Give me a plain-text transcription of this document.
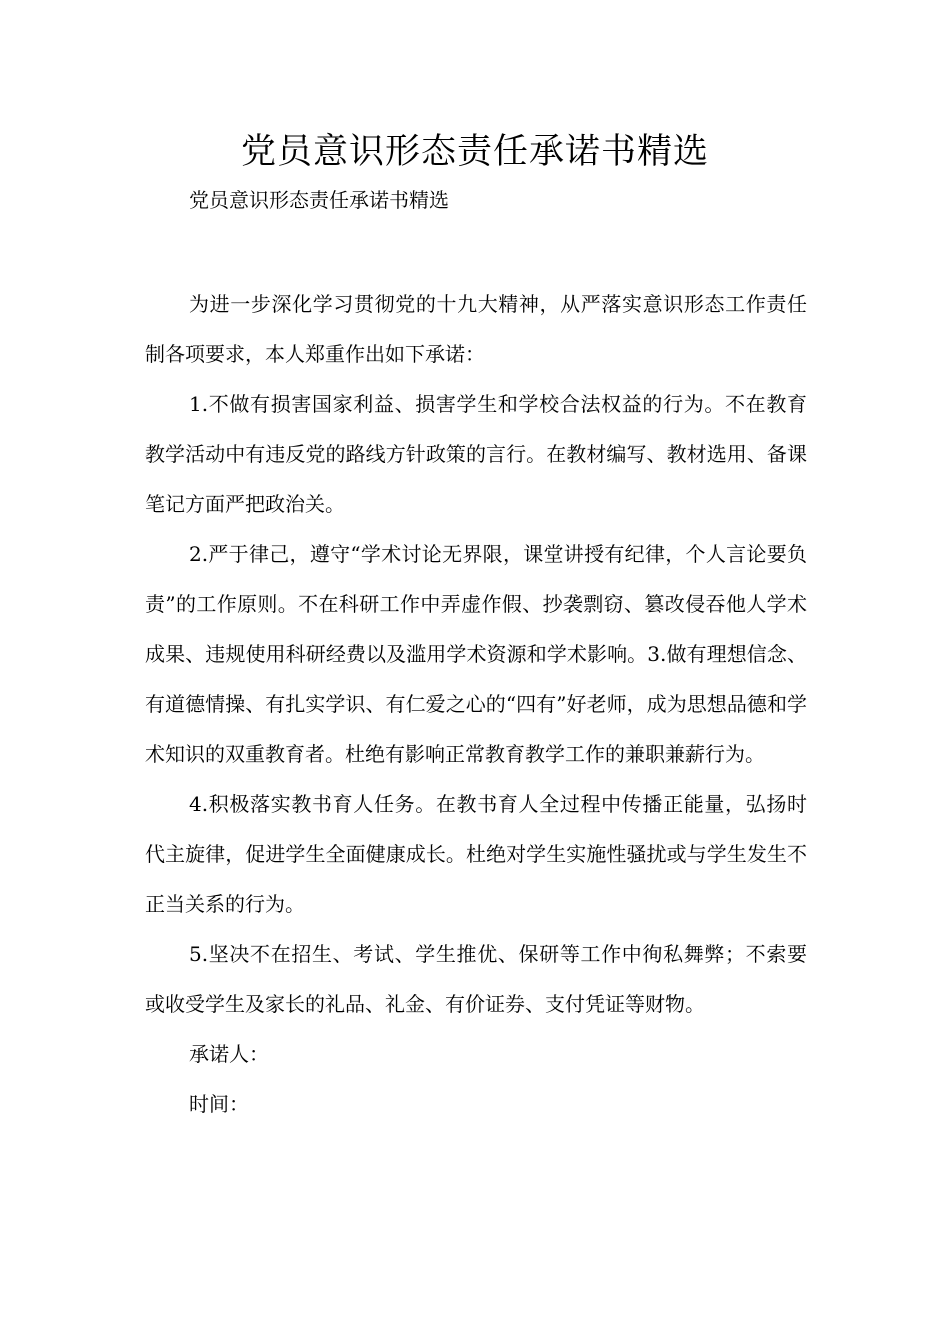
党员意识形态责任承诺书精选

党员意识形态责任承诺书精选

为进一步深化学习贯彻党的十九大精神，从严落实意识形态工作责任制各项要求，本人郑重作出如下承诺：

1.不做有损害国家利益、损害学生和学校合法权益的行为。不在教育教学活动中有违反党的路线方针政策的言行。在教材编写、教材选用、备课笔记方面严把政治关。

2.严于律己，遵守“学术讨论无界限，课堂讲授有纪律，个人言论要负责”的工作原则。不在科研工作中弄虚作假、抄袭剽窃、篡改侵吞他人学术成果、违规使用科研经费以及滥用学术资源和学术影响。3.做有理想信念、有道德情操、有扎实学识、有仁爱之心的“四有”好老师，成为思想品德和学术知识的双重教育者。杜绝有影响正常教育教学工作的兼职兼薪行为。

4.积极落实教书育人任务。在教书育人全过程中传播正能量，弘扬时代主旋律，促进学生全面健康成长。杜绝对学生实施性骚扰或与学生发生不正当关系的行为。

5.坚决不在招生、考试、学生推优、保研等工作中徇私舞弊；不索要或收受学生及家长的礼品、礼金、有价证券、支付凭证等财物。

承诺人：

时间：
